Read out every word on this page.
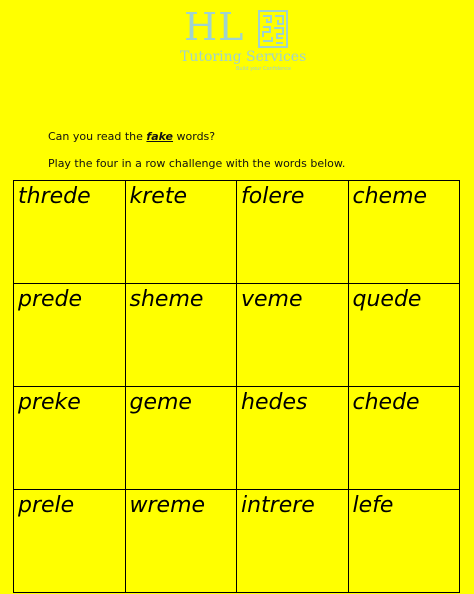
HL
Tutoring Services
Build your Confidence
Can you read the fake words?
Play the four in a row challenge with the words below.
threde	krete	folere	cheme
prede	sheme	veme	quede
preke	geme	hedes	chede
prele	wreme	intrere	lefe
